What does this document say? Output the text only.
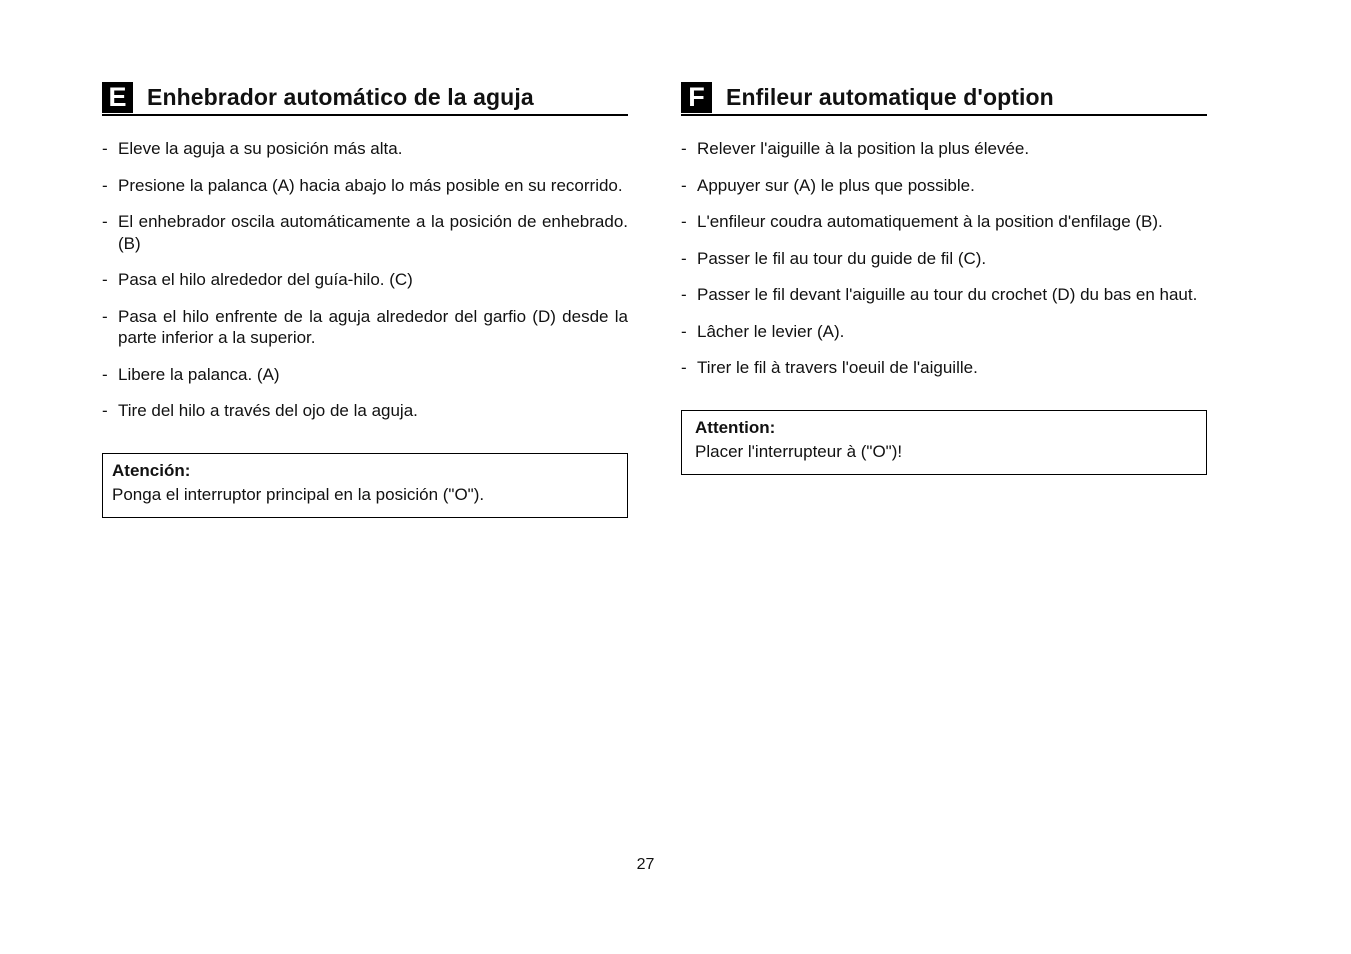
E Enhebrador automático de la aguja
- Eleve la aguja a su posición más alta.
- Presione la palanca (A) hacia abajo lo más posible en su recorrido.
- El enhebrador oscila automáticamente a la posición de enhebrado. (B)
- Pasa el hilo alrededor del guía-hilo. (C)
- Pasa el hilo enfrente de la aguja alrededor del garfio (D) desde la parte inferior a la superior.
- Libere la palanca. (A)
- Tire del hilo a través del ojo de la aguja.
Atención:
Ponga el interruptor principal en la posición ("O").
F Enfileur automatique d'option
- Relever l'aiguille à la position la plus élevée.
- Appuyer sur (A) le plus que possible.
- L'enfileur coudra automatiquement à la position d'enfilage (B).
- Passer le fil au tour du guide de fil (C).
- Passer le fil devant l'aiguille au tour du crochet (D) du bas en haut.
- Lâcher le levier (A).
- Tirer le fil à travers l'oeuil de l'aiguille.
Attention:
Placer l'interrupteur à ("O")!
27
